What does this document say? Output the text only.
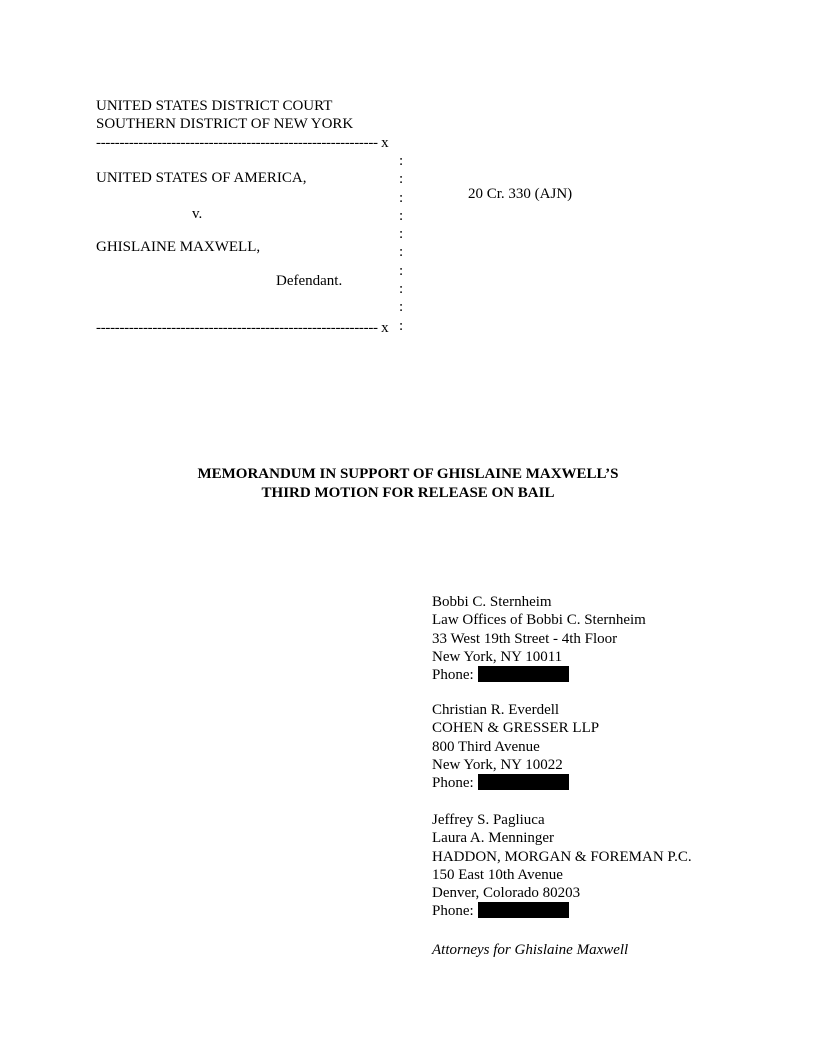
UNITED STATES DISTRICT COURT
SOUTHERN DISTRICT OF NEW YORK
------------------------------------------------------------ x
:
:
:
:
:
:
:
:
:
:
UNITED STATES OF AMERICA,
v.
GHISLAINE MAXWELL,
Defendant.
------------------------------------------------------------ x
20 Cr. 330 (AJN)
MEMORANDUM IN SUPPORT OF GHISLAINE MAXWELL’S
THIRD MOTION FOR RELEASE ON BAIL
Bobbi C. Sternheim
Law Offices of Bobbi C. Sternheim
33 West 19th Street - 4th Floor
New York, NY 10011
Phone:
Christian R. Everdell
COHEN & GRESSER LLP
800 Third Avenue
New York, NY 10022
Phone:
Jeffrey S. Pagliuca
Laura A. Menninger
HADDON, MORGAN & FOREMAN P.C.
150 East 10th Avenue
Denver, Colorado 80203
Phone:
Attorneys for Ghislaine Maxwell
